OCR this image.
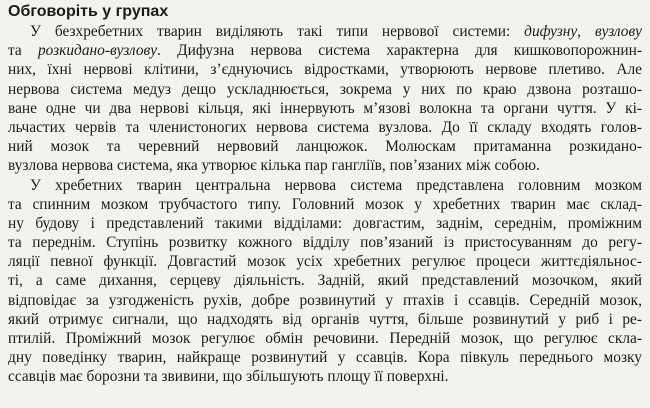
Обговоріть у групах
У безхребетних тварин виділяють такі типи нервової системи: дифузну, вузлову
та розкидано-вузлову. Дифузна нервова система характерна для кишковопорожнин-
них, їхні нервові клітини, з’єднуючись відростками, утворюють нервове плетиво. Але
нервова система медуз дещо ускладнюється, зокрема у них по краю дзвона розташо-
ване одне чи два нервові кільця, які іннервують м’язові волокна та органи чуття. У кі-
льчастих червів та членистоногих нервова система вузлова. До її складу входять голов-
ний мозок та черевний нервовий ланцюжок. Молюскам притаманна розкидано-
вузлова нервова система, яка утворює кілька пар гангліїв, пов’язаних між собою.
У хребетних тварин центральна нервова система представлена головним мозком
та спинним мозком трубчастого типу. Головний мозок у хребетних тварин має склад-
ну будову і представлений такими відділами: довгастим, заднім, середнім, проміжним
та переднім. Ступінь розвитку кожного відділу пов’язаний із пристосуванням до регу-
ляції певної функції. Довгастий мозок усіх хребетних регулює процеси життєдіяльнос-
ті, а саме дихання, серцеву діяльність. Задній, який представлений мозочком, який
відповідає за узгодженість рухів, добре розвинутий у птахів і ссавців. Середній мозок,
який отримує сигнали, що надходять від органів чуття, більше розвинутий у риб і ре-
птилій. Проміжний мозок регулює обмін речовини. Передній мозок, що регулює скла-
дну поведінку тварин, найкраще розвинутий у ссавців. Кора півкуль переднього мозку
ссавців має борозни та звивини, що збільшують площу її поверхні.
